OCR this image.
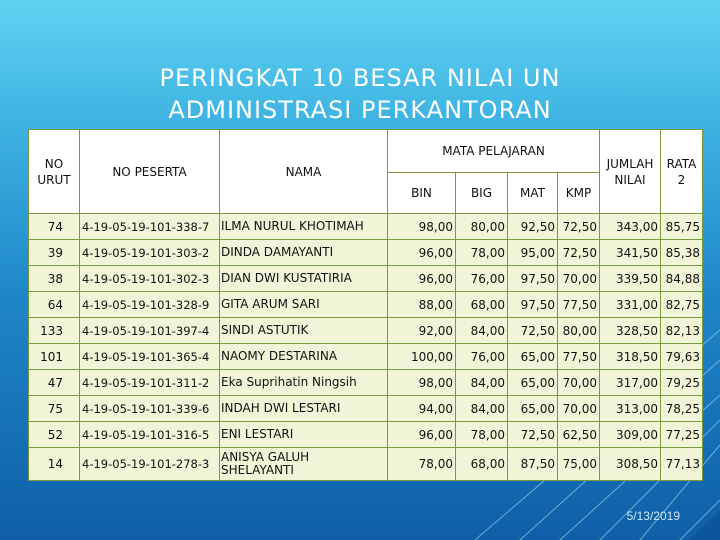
PERINGKAT 10 BESAR NILAI UN
ADMINISTRASI PERKANTORAN
NO URUT	NO PESERTA	NAMA	MATA PELAJARAN				JUMLAH NILAI	RATA 2
			BIN	BIG	MAT	KMP		
74	4-19-05-19-101-338-7	ILMA NURUL KHOTIMAH	98,00	80,00	92,50	72,50	343,00	85,75
39	4-19-05-19-101-303-2	DINDA DAMAYANTI	96,00	78,00	95,00	72,50	341,50	85,38
38	4-19-05-19-101-302-3	DIAN DWI KUSTATIRIA	96,00	76,00	97,50	70,00	339,50	84,88
64	4-19-05-19-101-328-9	GITA ARUM SARI	88,00	68,00	97,50	77,50	331,00	82,75
133	4-19-05-19-101-397-4	SINDI ASTUTIK	92,00	84,00	72,50	80,00	328,50	82,13
101	4-19-05-19-101-365-4	NAOMY DESTARINA	100,00	76,00	65,00	77,50	318,50	79,63
47	4-19-05-19-101-311-2	Eka Suprihatin Ningsih	98,00	84,00	65,00	70,00	317,00	79,25
75	4-19-05-19-101-339-6	INDAH DWI LESTARI	94,00	84,00	65,00	70,00	313,00	78,25
52	4-19-05-19-101-316-5	ENI LESTARI	96,00	78,00	72,50	62,50	309,00	77,25
14	4-19-05-19-101-278-3	ANISYA GALUH SHELAYANTI	78,00	68,00	87,50	75,00	308,50	77,13
5/13/2019
